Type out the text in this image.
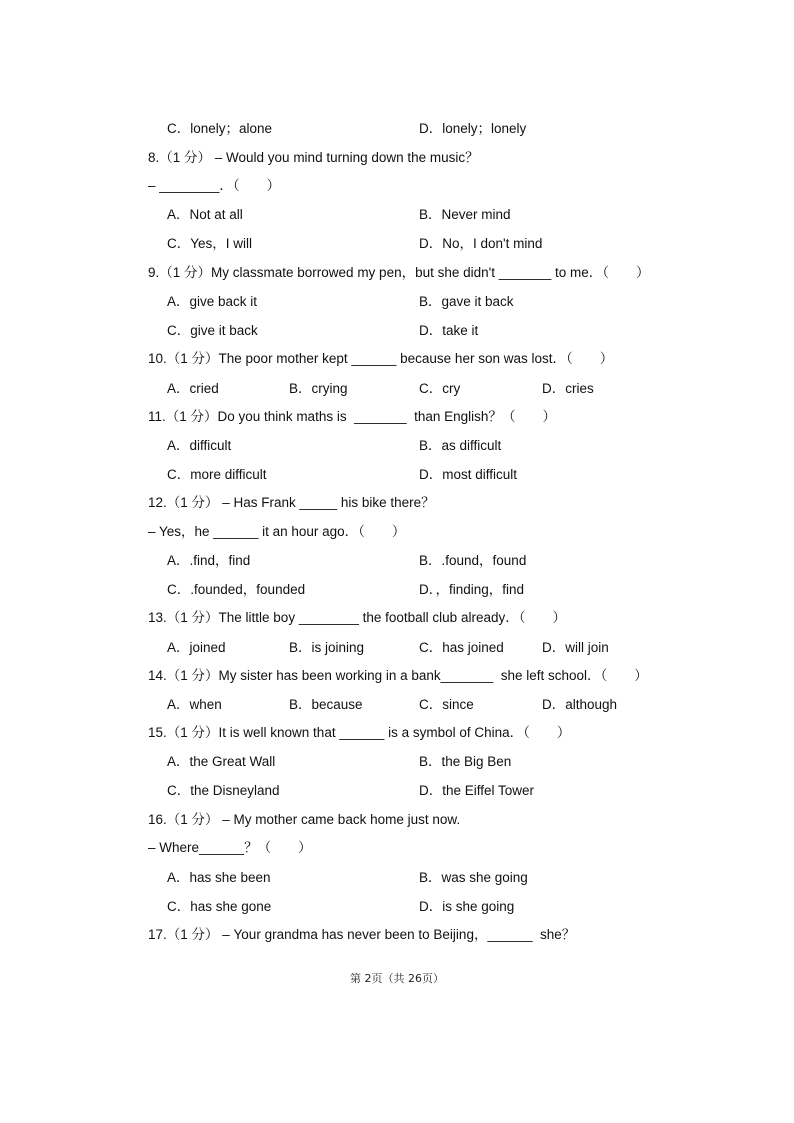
C．lonely；alone	D．lonely；lonely
8.（1 分） – Would you mind turning down the music？
– ________．（　　）
A．Not at all	B．Never mind
C．Yes，I will	D．No，I don't mind
9.（1 分）My classmate borrowed my pen，but she didn't _______ to me．（　　）
A．give back it	B．gave it back
C．give it back	D．take it
10.（1 分）The poor mother kept ______ because her son was lost．（　　）
A．cried	B．crying	C．cry	D．cries
11.（1 分）Do you think maths is  _______  than English？（　　）
A．difficult	B．as difficult
C．more difficult	D．most difficult
12.（1 分） – Has Frank _____ his bike there？
– Yes，he ______ it an hour ago．（　　）
A．.find，find	B．.found，found
C．.founded，founded	D．，finding，find
13.（1 分）The little boy ________ the football club already．（　　）
A．joined	B．is joining	C．has joined	D．will join
14.（1 分）My sister has been working in a bank_______  she left school．（　　）
A．when	B．because	C．since	D．although
15.（1 分）It is well known that ______ is a symbol of China．（　　）
A．the Great Wall	B．the Big Ben
C．the Disneyland	D．the Eiffel Tower
16.（1 分） – My mother came back home just now.
– Where______？（　　）
A．has she been	B．was she going
C．has she gone	D．is she going
17.（1 分） – Your grandma has never been to Beijing，______  she？
第 2页（共 26页）
